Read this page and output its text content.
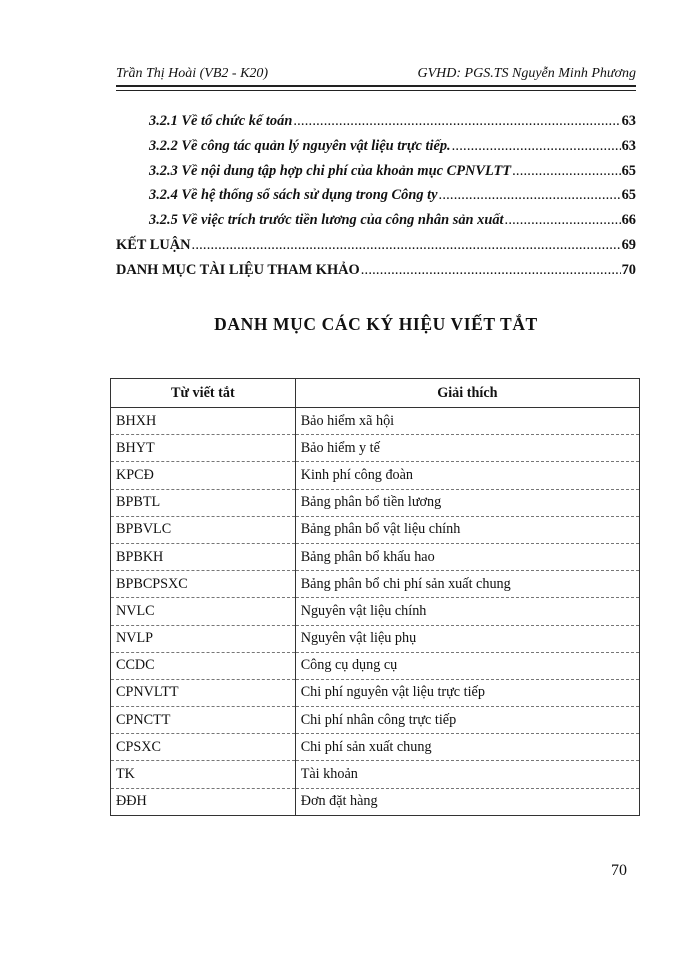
Trần Thị Hoài (VB2 - K20)	GVHD: PGS.TS Nguyễn Minh Phương
3.2.1 Về tổ chức kế toán .....	63
3.2.2 Về công tác quản lý nguyên vật liệu trực tiếp. .....	63
3.2.3 Về nội dung tập hợp chi phí của khoản mục CPNVLTT .....	65
3.2.4 Về hệ thống sổ sách sử dụng trong Công ty .....	65
3.2.5 Về việc trích trước tiền lương của công nhân sản xuất .....	66
KẾT LUẬN .....	69
DANH MỤC TÀI LIỆU THAM KHẢO .....	70
DANH MỤC CÁC KÝ HIỆU VIẾT TẮT
Từ viết tắt	Giải thích
BHXH	Bảo hiểm xã hội
BHYT	Bảo hiểm y tế
KPCĐ	Kinh phí công đoàn
BPBTL	Bảng phân bổ tiền lương
BPBVLC	Bảng phân bổ vật liệu chính
BPBKH	Bảng phân bổ khấu hao
BPBCPSXC	Bảng phân bổ chi phí sản xuất chung
NVLC	Nguyên vật liệu chính
NVLP	Nguyên vật liệu phụ
CCDC	Công cụ dụng cụ
CPNVLTT	Chi phí nguyên vật liệu trực tiếp
CPNCTT	Chi phí nhân công trực tiếp
CPSXC	Chi phí sản xuất chung
TK	Tài khoản
ĐĐH	Đơn đặt hàng
70
